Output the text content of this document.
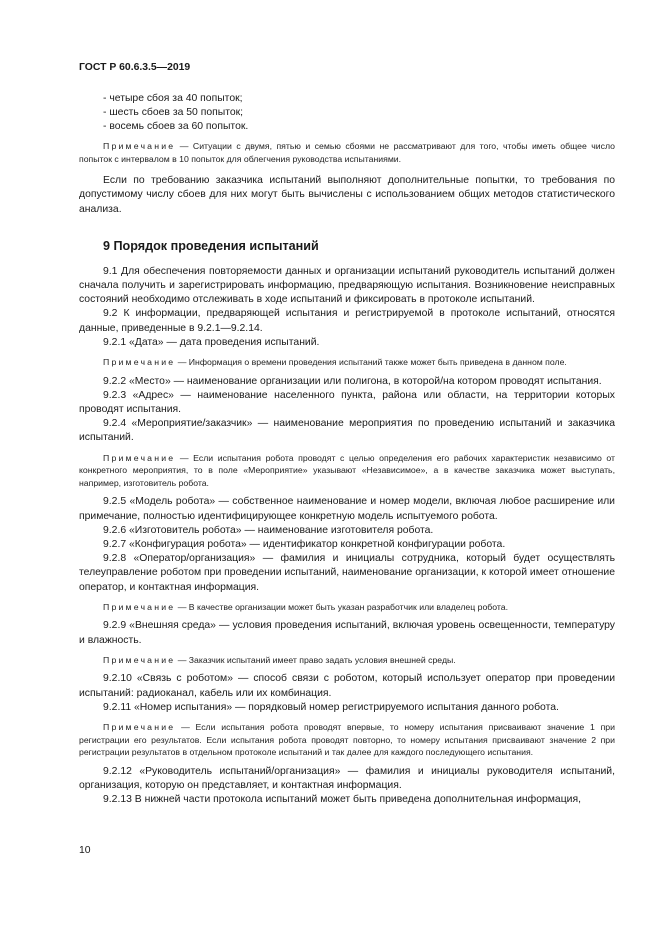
ГОСТ Р 60.6.3.5—2019
- четыре сбоя за 40 попыток;
- шесть сбоев за 50 попыток;
- восемь сбоев за 60 попыток.

Примечание — Ситуации с двумя, пятью и семью сбоями не рассматривают для того, чтобы иметь общее число попыток с интервалом в 10 попыток для облегчения руководства испытаниями.

Если по требованию заказчика испытаний выполняют дополнительные попытки, то требования по допустимому числу сбоев для них могут быть вычислены с использованием общих методов статистического анализа.

9 Порядок проведения испытаний

9.1 Для обеспечения повторяемости данных и организации испытаний руководитель испытаний должен сначала получить и зарегистрировать информацию, предваряющую испытания. Возникновение неисправных состояний необходимо отслеживать в ходе испытаний и фиксировать в протоколе испытаний.

9.2 К информации, предваряющей испытания и регистрируемой в протоколе испытаний, относятся данные, приведенные в 9.2.1—9.2.14.

9.2.1 «Дата» — дата проведения испытаний.

Примечание — Информация о времени проведения испытаний также может быть приведена в данном поле.

9.2.2 «Место» — наименование организации или полигона, в которой/на котором проводят испытания.

9.2.3 «Адрес» — наименование населенного пункта, района или области, на территории которых проводят испытания.

9.2.4 «Мероприятие/заказчик» — наименование мероприятия по проведению испытаний и заказчика испытаний.

Примечание — Если испытания робота проводят с целью определения его рабочих характеристик независимо от конкретного мероприятия, то в поле «Мероприятие» указывают «Независимое», а в качестве заказчика может выступать, например, изготовитель робота.

9.2.5 «Модель робота» — собственное наименование и номер модели, включая любое расширение или примечание, полностью идентифицирующее конкретную модель испытуемого робота.

9.2.6 «Изготовитель робота» — наименование изготовителя робота.

9.2.7 «Конфигурация робота» — идентификатор конкретной конфигурации робота.

9.2.8 «Оператор/организация» — фамилия и инициалы сотрудника, который будет осуществлять телеуправление роботом при проведении испытаний, наименование организации, к которой имеет отношение оператор, и контактная информация.

Примечание — В качестве организации может быть указан разработчик или владелец робота.

9.2.9 «Внешняя среда» — условия проведения испытаний, включая уровень освещенности, температуру и влажность.

Примечание — Заказчик испытаний имеет право задать условия внешней среды.

9.2.10 «Связь с роботом» — способ связи с роботом, который использует оператор при проведении испытаний: радиоканал, кабель или их комбинация.

9.2.11 «Номер испытания» — порядковый номер регистрируемого испытания данного робота.

Примечание — Если испытания робота проводят впервые, то номеру испытания присваивают значение 1 при регистрации его результатов. Если испытания робота проводят повторно, то номеру испытания присваивают значение 2 при регистрации результатов в отдельном протоколе испытаний и так далее для каждого последующего испытания.

9.2.12 «Руководитель испытаний/организация» — фамилия и инициалы руководителя испытаний, организация, которую он представляет, и контактная информация.

9.2.13 В нижней части протокола испытаний может быть приведена дополнительная информация,

10
